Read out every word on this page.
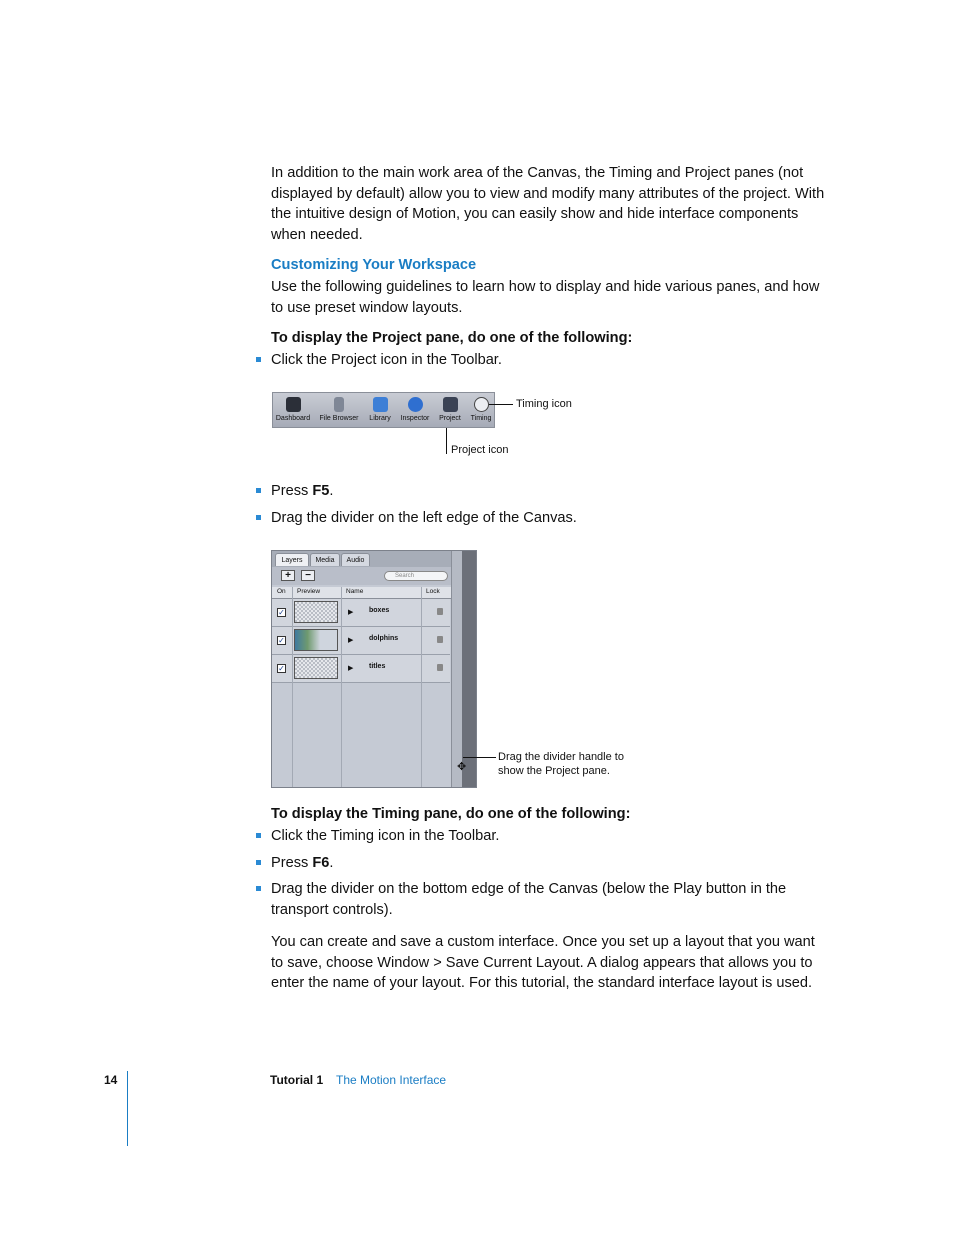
In addition to the main work area of the Canvas, the Timing and Project panes (not displayed by default) allow you to view and modify many attributes of the project. With the intuitive design of Motion, you can easily show and hide interface components when needed.

Customizing Your Workspace

Use the following guidelines to learn how to display and hide various panes, and how to use preset window layouts.

To display the Project pane, do one of the following:
Click the Project icon in the Toolbar.
Dashboard	File Browser	Library	Inspector	Project	Timing
Timing icon
Project icon
Press F5.
Drag the divider on the left edge of the Canvas.
Layers	Media	Audio
+	−	Search
On Preview	Name	Lock
✓	▶ boxes
✓	▶ dolphins
✓	▶ titles
✥
Drag the divider handle to
show the Project pane.
To display the Timing pane, do one of the following:
Click the Timing icon in the Toolbar.
Press F6.
Drag the divider on the bottom edge of the Canvas (below the Play button in the transport controls).

You can create and save a custom interface. Once you set up a layout that you want to save, choose Window > Save Current Layout. A dialog appears that allows you to enter the name of your layout. For this tutorial, the standard interface layout is used.

14	Tutorial 1 The Motion Interface
